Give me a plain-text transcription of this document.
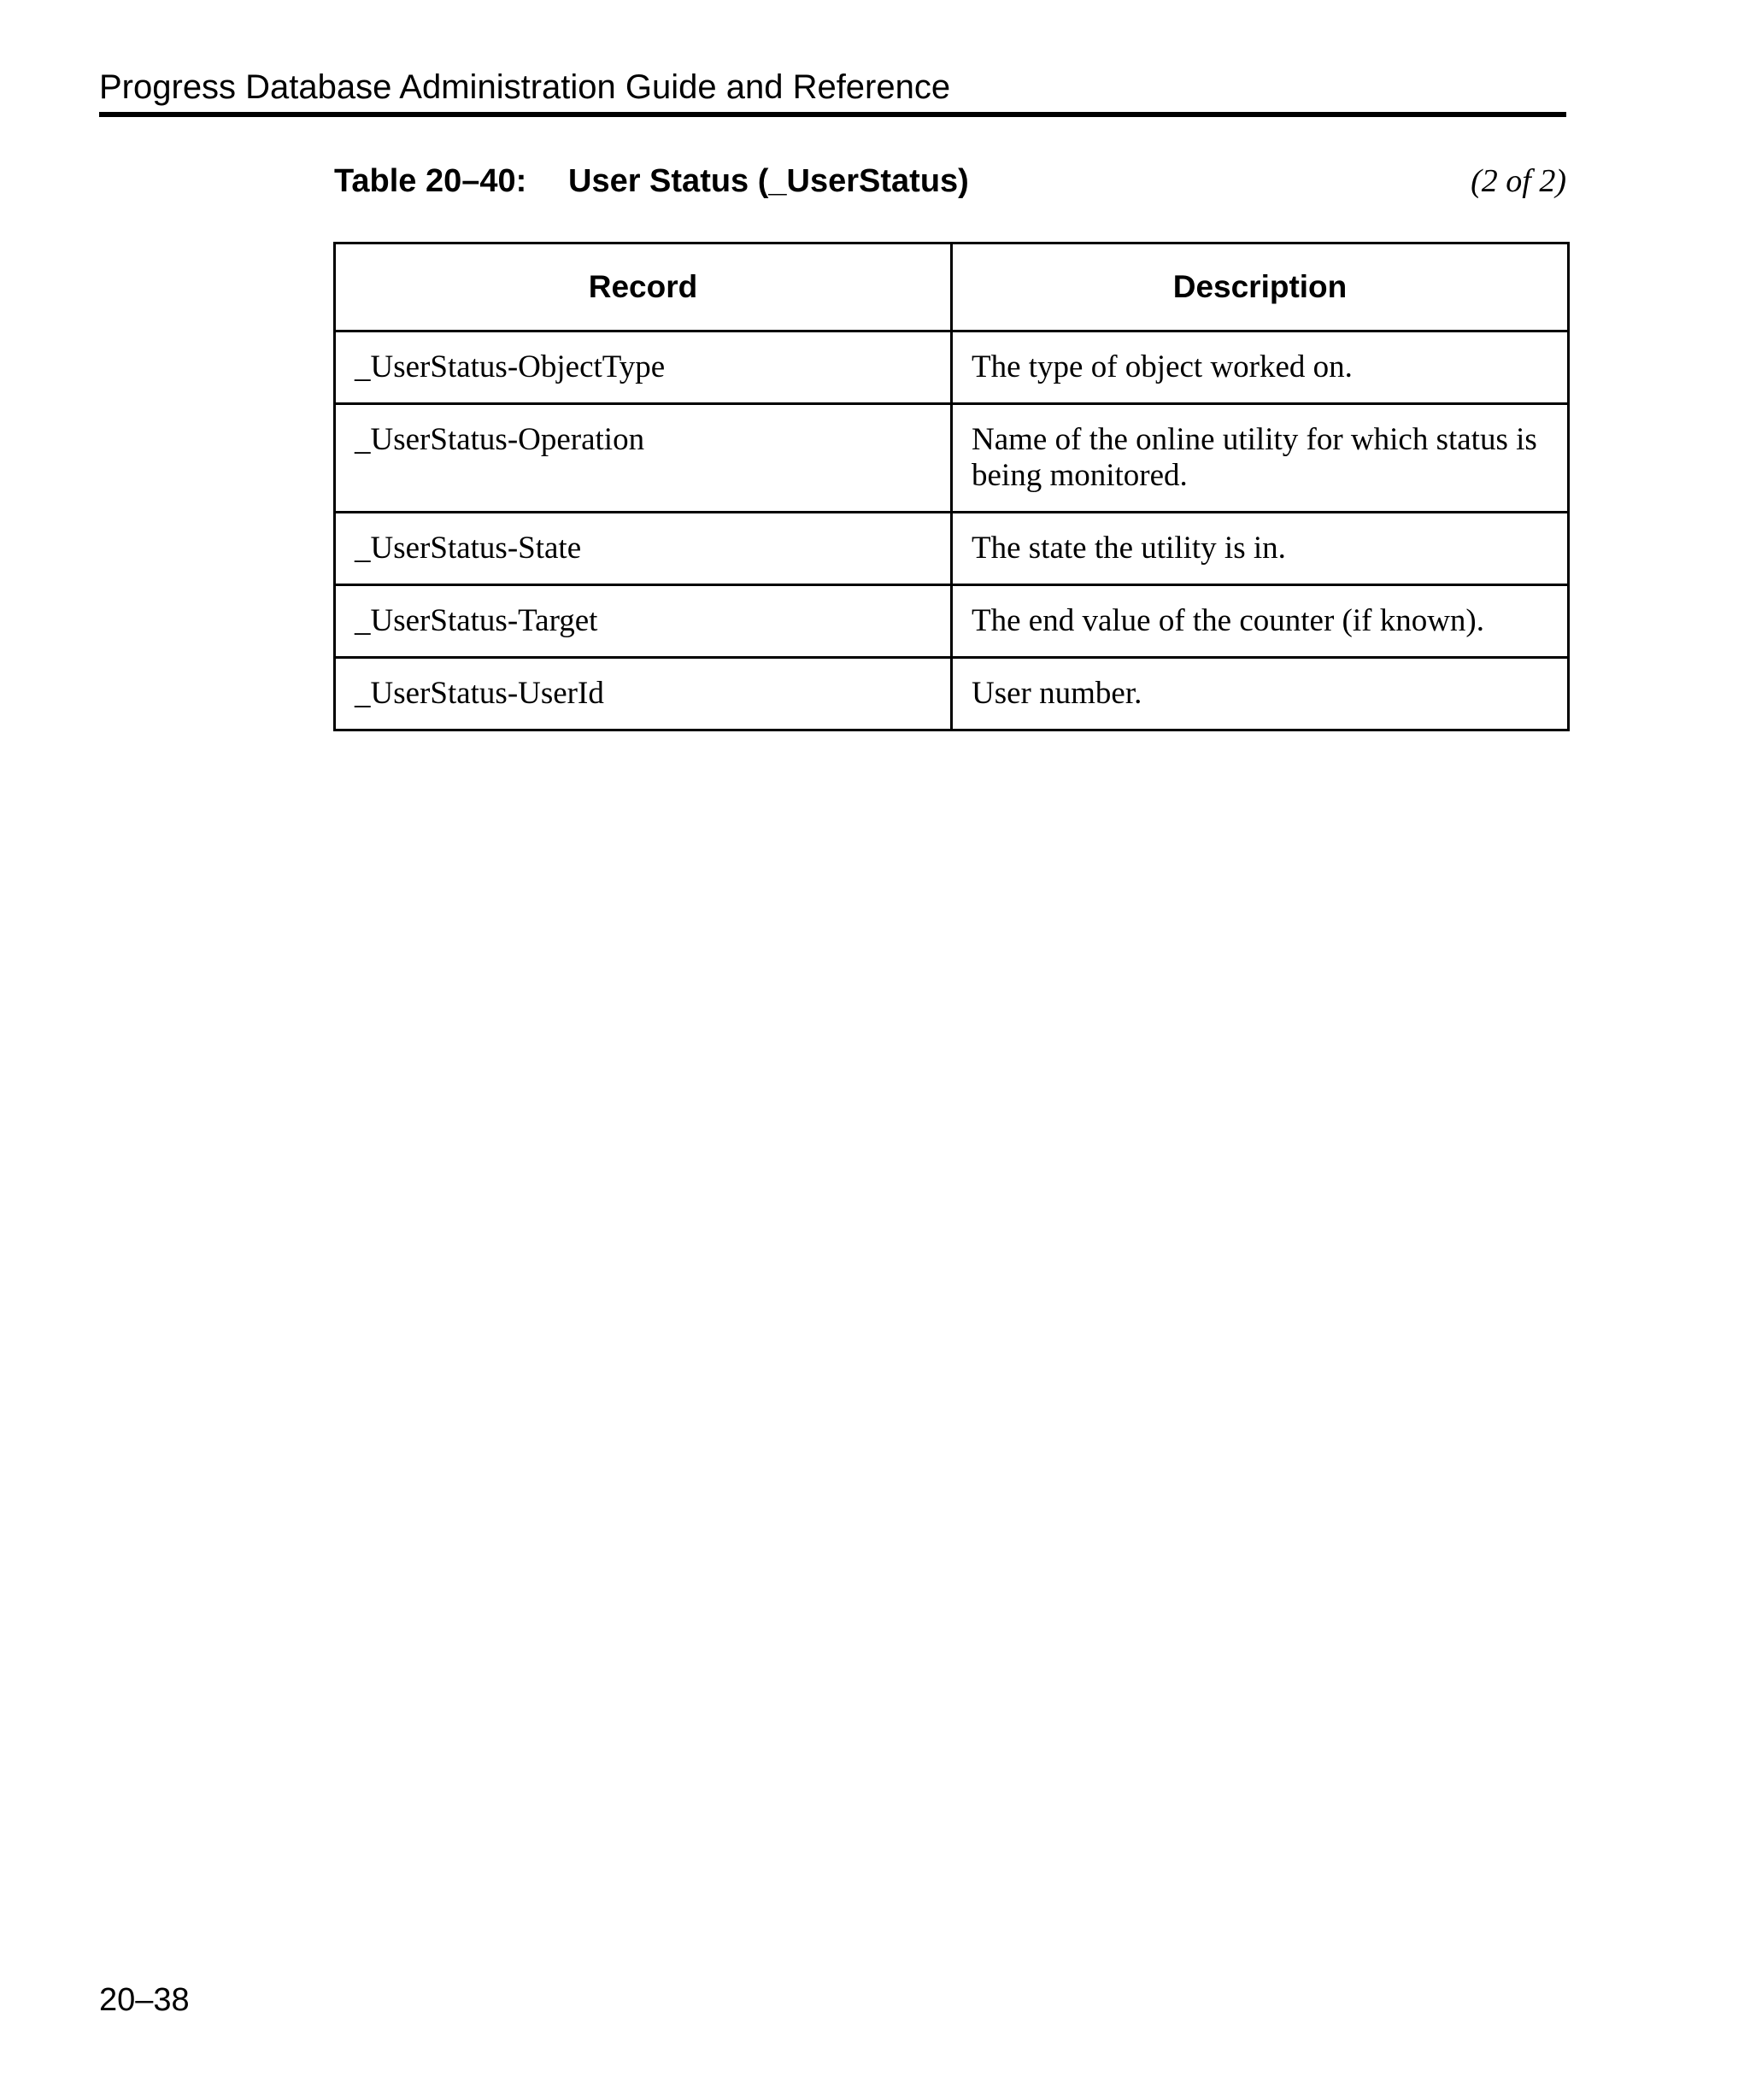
Progress Database Administration Guide and Reference
Table 20–40: User Status (_UserStatus)	(2 of 2)
Record	Description
_UserStatus-ObjectType	The type of object worked on.
_UserStatus-Operation	Name of the online utility for which status is being monitored.
_UserStatus-State	The state the utility is in.
_UserStatus-Target	The end value of the counter (if known).
_UserStatus-UserId	User number.
20–38
